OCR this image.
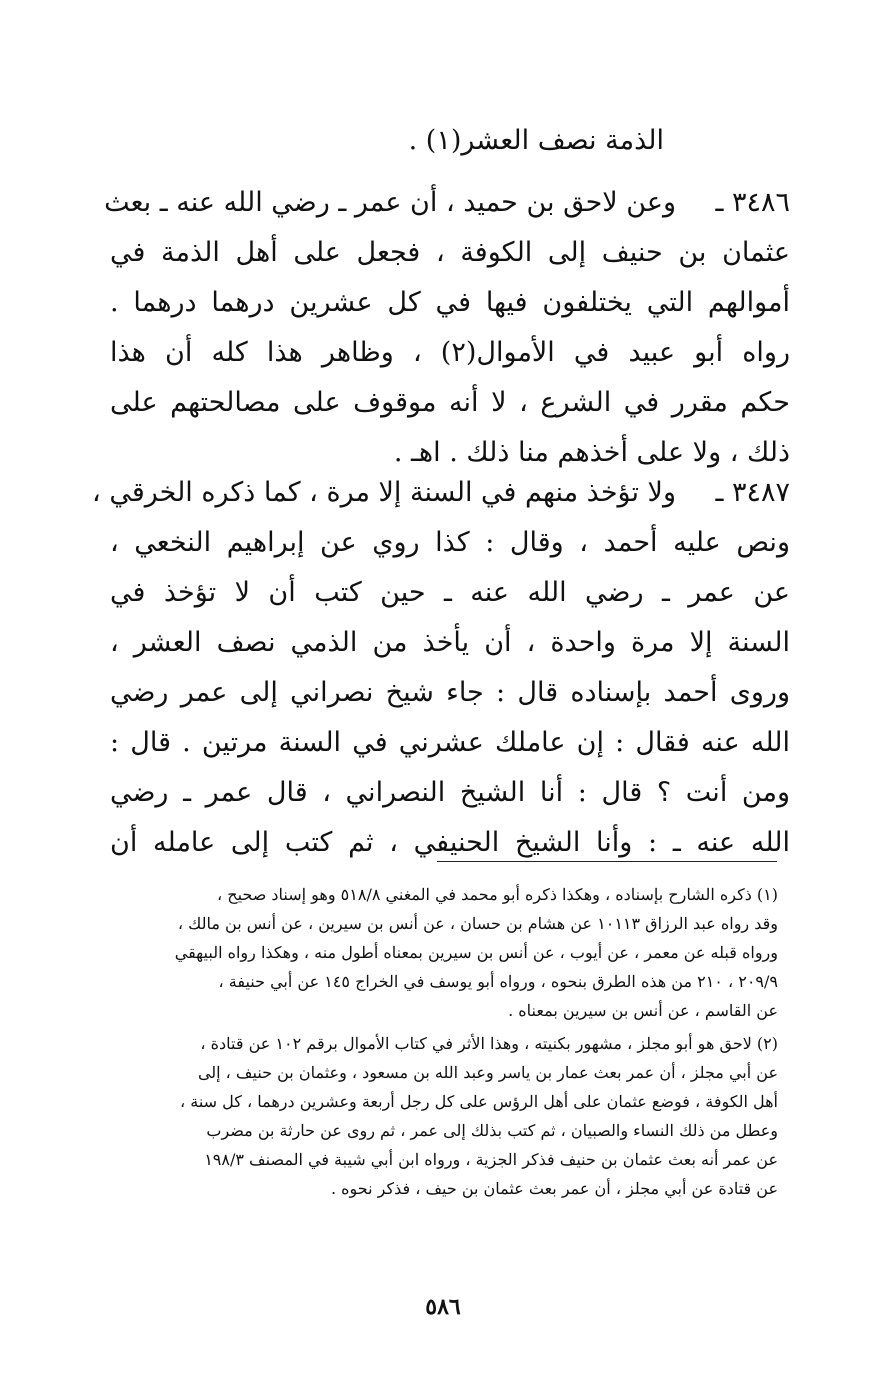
الذمة نصف العشر(١) .
٣٤٨٦ ـ
وعن لاحق بن حميد ، أن عمر ـ رضي الله عنه ـ بعث
عثمان بن حنيف إلى الكوفة ، فجعل على أهل الذمة في
أموالهم التي يختلفون فيها في كل عشرين درهما درهما .
رواه أبو عبيد في الأموال(٢) ، وظاهر هذا كله أن هذا
حكم مقرر في الشرع ، لا أنه موقوف على مصالحتهم على
ذلك ، ولا على أخذهم منا ذلك . اهـ .
٣٤٨٧ ـ
ولا تؤخذ منهم في السنة إلا مرة ، كما ذكره الخرقي ،
ونص عليه أحمد ، وقال : كذا روي عن إبراهيم النخعي ،
عن عمر ـ رضي الله عنه ـ حين كتب أن لا تؤخذ في
السنة إلا مرة واحدة ، أن يأخذ من الذمي نصف العشر ،
وروى أحمد بإسناده قال : جاء شيخ نصراني إلى عمر رضي
الله عنه فقال : إن عاملك عشرني في السنة مرتين . قال :
ومن أنت ؟ قال : أنا الشيخ النصراني ، قال عمر ـ رضي
الله عنه ـ : وأنا الشيخ الحنيفي ، ثم كتب إلى عامله أن
(١) ذكره الشارح بإسناده ، وهكذا ذكره أبو محمد في المغني ٥١٨/٨ وهو إسناد صحيح ،
وقد رواه عبد الرزاق ١٠١١٣ عن هشام بن حسان ، عن أنس بن سيرين ، عن أنس بن مالك ،
ورواه قبله عن معمر ، عن أيوب ، عن أنس بن سيرين بمعناه أطول منه ، وهكذا رواه البيهقي
٢٠٩/٩ ، ٢١٠ من هذه الطرق بنحوه ، ورواه أبو يوسف في الخراج ١٤٥ عن أبي حنيفة ،
عن القاسم ، عن أنس بن سيرين بمعناه .
(٢) لاحق هو أبو مجلز ، مشهور بكنيته ، وهذا الأثر في كتاب الأموال برقم ١٠٢ عن قتادة ،
عن أبي مجلز ، أن عمر بعث عمار بن ياسر وعبد الله بن مسعود ، وعثمان بن حنيف ، إلى
أهل الكوفة ، فوضع عثمان على أهل الرؤس على كل رجل أربعة وعشرين درهما ، كل سنة ،
وعطل من ذلك النساء والصبيان ، ثم كتب بذلك إلى عمر ، ثم روى عن حارثة بن مضرب
عن عمر أنه بعث عثمان بن حنيف فذكر الجزية ، ورواه ابن أبي شيبة في المصنف ١٩٨/٣
عن قتادة عن أبي مجلز ، أن عمر بعث عثمان بن حيف ، فذكر نحوه .
٥٨٦
